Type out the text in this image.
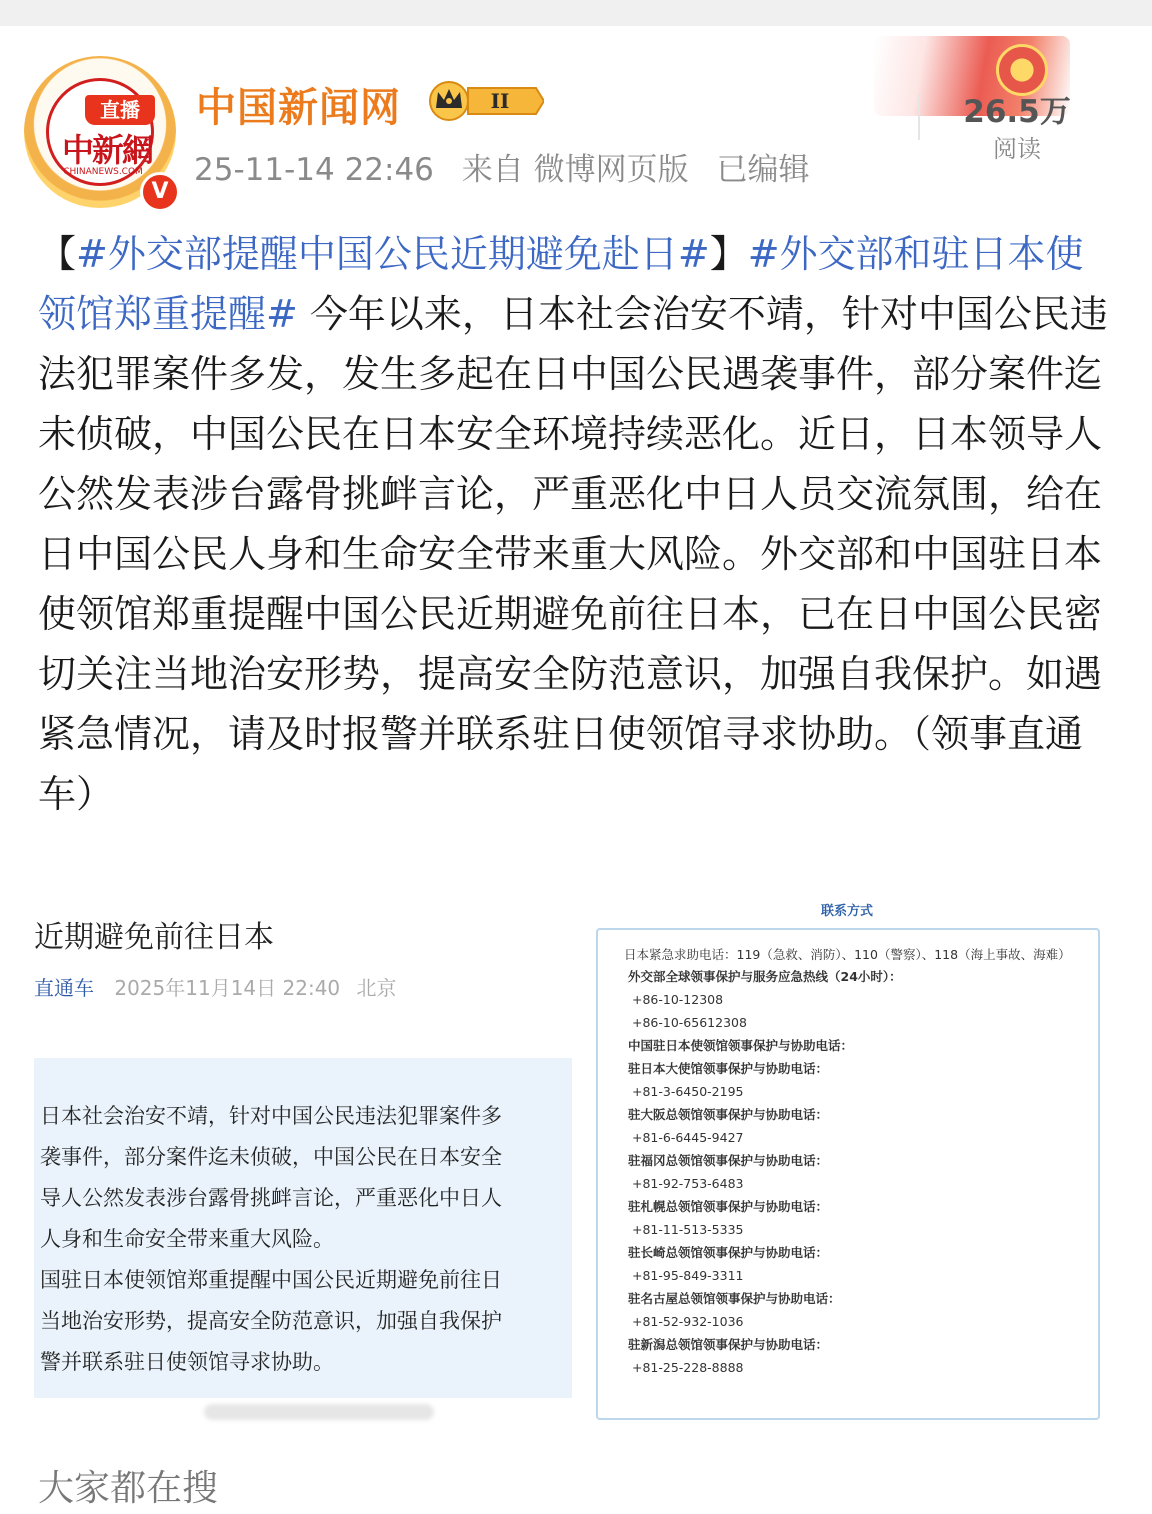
直播
中新網
CHINANEWS.COM
V
中国新闻网	II
25-11-14 22:46 来自 微博网页版 已编辑
26.5万
阅读
【#外交部提醒中国公民近期避免赴日#】#外交部和驻日本使领馆郑重提醒# 今年以来，日本社会治安不靖，针对中国公民违法犯罪案件多发，发生多起在日中国公民遇袭事件，部分案件迄未侦破，中国公民在日本安全环境持续恶化。近日，日本领导人公然发表涉台露骨挑衅言论，严重恶化中日人员交流氛围，给在日中国公民人身和生命安全带来重大风险。外交部和中国驻日本使领馆郑重提醒中国公民近期避免前往日本，已在日中国公民密切关注当地治安形势，提高安全防范意识，加强自我保护。如遇紧急情况，请及时报警并联系驻日使领馆寻求协助。（领事直通车）
近期避免前往日本
直通车 2025年11月14日 22:40 北京

日本社会治安不靖，针对中国公民违法犯罪案件多

袭事件，部分案件迄未侦破，中国公民在日本安全

导人公然发表涉台露骨挑衅言论，严重恶化中日人

人身和生命安全带来重大风险。

国驻日本使领馆郑重提醒中国公民近期避免前往日

当地治安形势，提高安全防范意识，加强自我保护

警并联系驻日使领馆寻求协助。

联系方式
日本紧急求助电话：119（急救、消防）、110（警察）、118（海上事故、海难）
外交部全球领事保护与服务应急热线（24小时）：
+86-10-12308
+86-10-65612308
中国驻日本使领馆领事保护与协助电话：
驻日本大使馆领事保护与协助电话：
+81-3-6450-2195
驻大阪总领馆领事保护与协助电话：
+81-6-6445-9427
驻福冈总领馆领事保护与协助电话：
+81-92-753-6483
驻札幌总领馆领事保护与协助电话：
+81-11-513-5335
驻长崎总领馆领事保护与协助电话：
+81-95-849-3311
驻名古屋总领馆领事保护与协助电话：
+81-52-932-1036
驻新潟总领馆领事保护与协助电话：
+81-25-228-8888
大家都在搜
